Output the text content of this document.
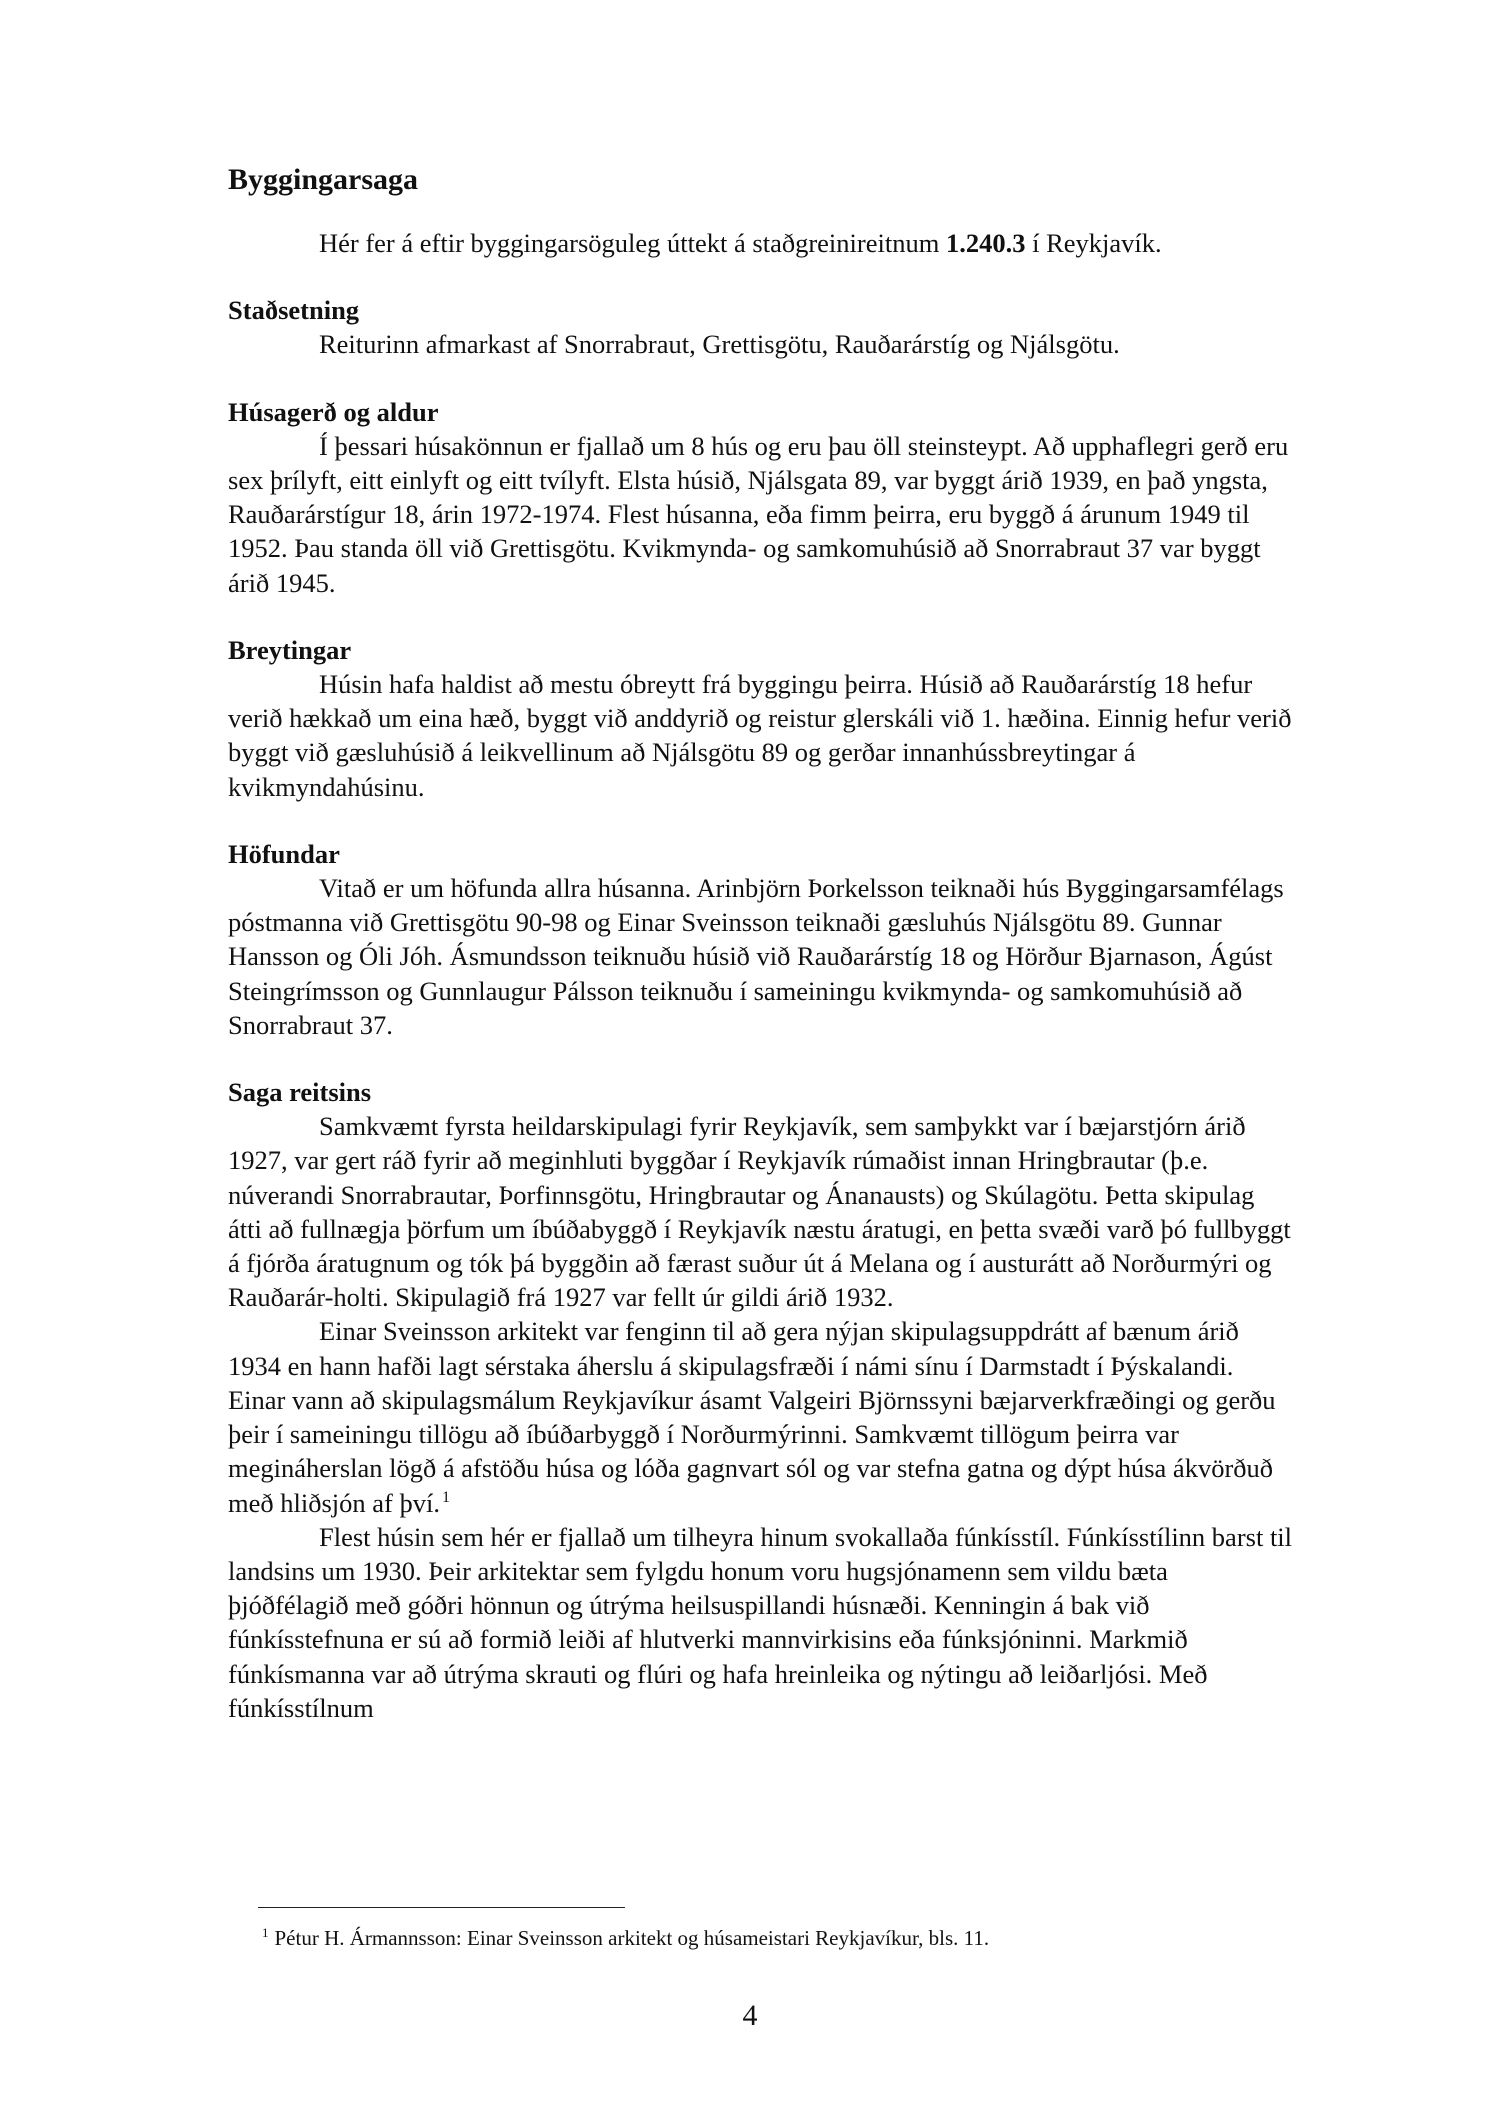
Byggingarsaga

Hér fer á eftir byggingarsöguleg úttekt á staðgreinireitnum 1.240.3 í Reykjavík.

Staðsetning

Reiturinn afmarkast af Snorrabraut, Grettisgötu, Rauðarárstíg og Njálsgötu.

Húsagerð og aldur

Í þessari húsakönnun er fjallað um 8 hús og eru þau öll steinsteypt. Að upphaflegri gerð eru sex þrílyft, eitt einlyft og eitt tvílyft. Elsta húsið, Njálsgata 89, var byggt árið 1939, en það yngsta, Rauðarárstígur 18, árin 1972-1974. Flest húsanna, eða fimm þeirra, eru byggð á árunum 1949 til 1952. Þau standa öll við Grettisgötu. Kvikmynda- og samkomuhúsið að Snorrabraut 37 var byggt árið 1945.

Breytingar

Húsin hafa haldist að mestu óbreytt frá byggingu þeirra. Húsið að Rauðarárstíg 18 hefur verið hækkað um eina hæð, byggt við anddyrið og reistur glerskáli við 1. hæðina. Einnig hefur verið byggt við gæsluhúsið á leikvellinum að Njálsgötu 89 og gerðar innanhússbreytingar á kvikmyndahúsinu.

Höfundar

Vitað er um höfunda allra húsanna. Arinbjörn Þorkelsson teiknaði hús Byggingarsamfélags póstmanna við Grettisgötu 90-98 og Einar Sveinsson teiknaði gæsluhús Njálsgötu 89. Gunnar Hansson og Óli Jóh. Ásmundsson teiknuðu húsið við Rauðarárstíg 18 og Hörður Bjarnason, Ágúst Steingrímsson og Gunnlaugur Pálsson teiknuðu í sameiningu kvikmynda- og samkomuhúsið að Snorrabraut 37.

Saga reitsins

Samkvæmt fyrsta heildarskipulagi fyrir Reykjavík, sem samþykkt var í bæjarstjórn árið 1927, var gert ráð fyrir að meginhluti byggðar í Reykjavík rúmaðist innan Hringbrautar (þ.e. núverandi Snorrabrautar, Þorfinnsgötu, Hringbrautar og Ánanausts) og Skúlagötu. Þetta skipulag átti að fullnægja þörfum um íbúðabyggð í Reykjavík næstu áratugi, en þetta svæði varð þó fullbyggt á fjórða áratugnum og tók þá byggðin að færast suður út á Melana og í austurátt að Norðurmýri og Rauðarár-holti. Skipulagið frá 1927 var fellt úr gildi árið 1932.

Einar Sveinsson arkitekt var fenginn til að gera nýjan skipulagsuppdrátt af bænum árið 1934 en hann hafði lagt sérstaka áherslu á skipulagsfræði í námi sínu í Darmstadt í Þýskalandi. Einar vann að skipulagsmálum Reykjavíkur ásamt Valgeiri Björnssyni bæjarverkfræðingi og gerðu þeir í sameiningu tillögu að íbúðarbyggð í Norðurmýrinni. Samkvæmt tillögum þeirra var megináherslan lögð á afstöðu húsa og lóða gagnvart sól og var stefna gatna og dýpt húsa ákvörðuð með hliðsjón af því. $^1$

Flest húsin sem hér er fjallað um tilheyra hinum svokallaða fúnkísstíl. Fúnkísstílinn barst til landsins um 1930. Þeir arkitektar sem fylgdu honum voru hugsjónamenn sem vildu bæta þjóðfélagið með góðri hönnun og útrýma heilsuspillandi húsnæði. Kenningin á bak við fúnkísstefnuna er sú að formið leiði af hlutverki mannvirkisins eða fúnksjóninni. Markmið fúnkísmanna var að útrýma skrauti og flúri og hafa hreinleika og nýtingu að leiðarljósi. Með fúnkísstílnum

$^1$ Pétur H. Ármannsson: Einar Sveinsson arkitekt og húsameistari Reykjavíkur, bls. 11.
4
